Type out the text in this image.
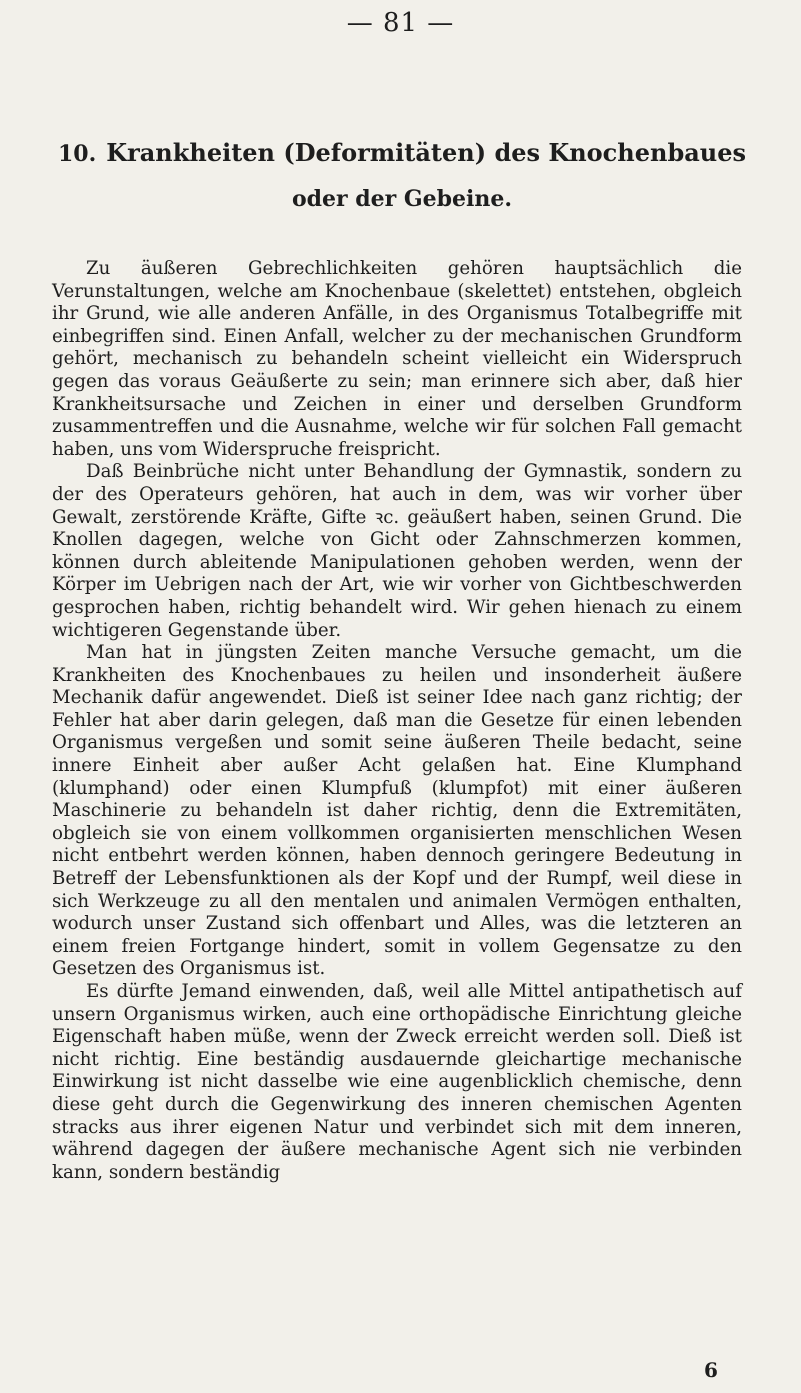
— 81 —
10. Krankheiten (Deformitäten) des Knochenbaues
oder der Gebeine.

Zu äußeren Gebrechlichkeiten gehören hauptsächlich die Verunstaltungen, welche am Knochenbaue (skelettet) entstehen, obgleich ihr Grund, wie alle anderen Anfälle, in des Organismus Totalbegriffe mit einbegriffen sind. Einen Anfall, welcher zu der mechanischen Grundform gehört, mechanisch zu behandeln scheint vielleicht ein Widerspruch gegen das voraus Geäußerte zu sein; man erinnere sich aber, daß hier Krankheitsursache und Zeichen in einer und derselben Grundform zusammentreffen und die Ausnahme, welche wir für solchen Fall gemacht haben, uns vom Widerspruche freispricht.

Daß Beinbrüche nicht unter Behandlung der Gymnastik, sondern zu der des Operateurs gehören, hat auch in dem, was wir vorher über Gewalt, zerstörende Kräfte, Gifte ꝛc. geäußert haben, seinen Grund. Die Knollen dagegen, welche von Gicht oder Zahnschmerzen kommen, können durch ableitende Manipulationen gehoben werden, wenn der Körper im Uebrigen nach der Art, wie wir vorher von Gichtbeschwerden gesprochen haben, richtig behandelt wird. Wir gehen hienach zu einem wichtigeren Gegenstande über.

Man hat in jüngsten Zeiten manche Versuche gemacht, um die Krankheiten des Knochenbaues zu heilen und insonderheit äußere Mechanik dafür angewendet. Dieß ist seiner Idee nach ganz richtig; der Fehler hat aber darin gelegen, daß man die Gesetze für einen lebenden Organismus vergeßen und somit seine äußeren Theile bedacht, seine innere Einheit aber außer Acht gelaßen hat. Eine Klumphand (klumphand) oder einen Klumpfuß (klumpfot) mit einer äußeren Maschinerie zu behandeln ist daher richtig, denn die Extremitäten, obgleich sie von einem vollkommen organisierten menschlichen Wesen nicht entbehrt werden können, haben dennoch geringere Bedeutung in Betreff der Lebensfunktionen als der Kopf und der Rumpf, weil diese in sich Werkzeuge zu all den mentalen und animalen Vermögen enthalten, wodurch unser Zustand sich offenbart und Alles, was die letzteren an einem freien Fortgange hindert, somit in vollem Gegensatze zu den Gesetzen des Organismus ist.

Es dürfte Jemand einwenden, daß, weil alle Mittel antipathetisch auf unsern Organismus wirken, auch eine orthopädische Einrichtung gleiche Eigenschaft haben müße, wenn der Zweck erreicht werden soll. Dieß ist nicht richtig. Eine beständig ausdauernde gleichartige mechanische Einwirkung ist nicht dasselbe wie eine augenblicklich chemische, denn diese geht durch die Gegenwirkung des inneren chemischen Agenten stracks aus ihrer eigenen Natur und verbindet sich mit dem inneren, während dagegen der äußere mechanische Agent sich nie verbinden kann, sondern beständig

6
